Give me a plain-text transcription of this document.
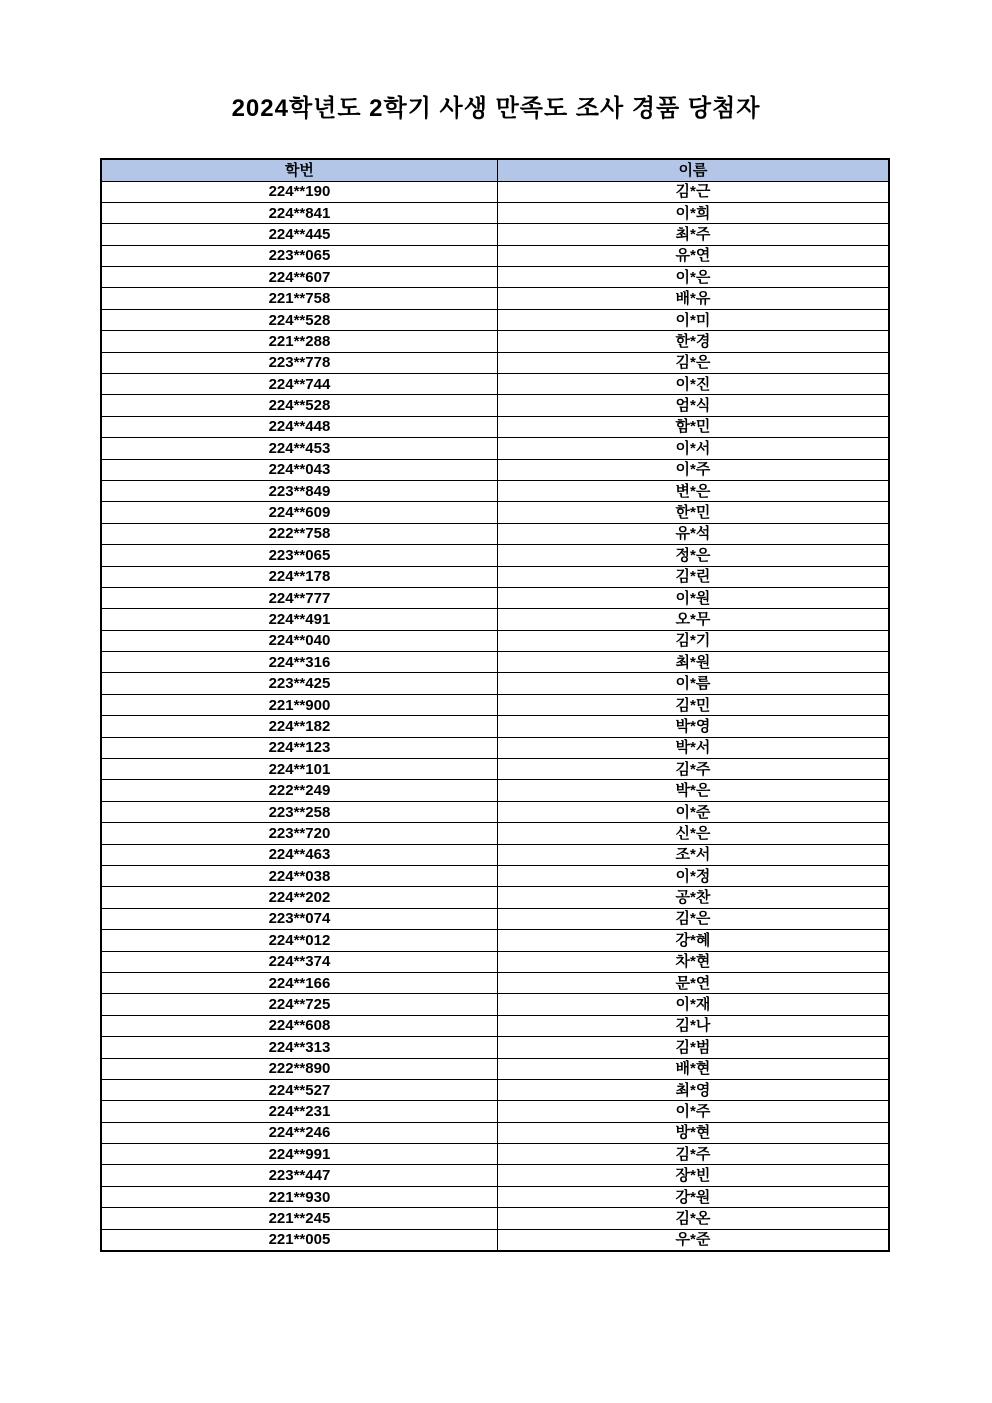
2024학년도 2학기 사생 만족도 조사 경품 당첨자
학번	이름
224**190	김*근
224**841	이*희
224**445	최*주
223**065	유*연
224**607	이*은
221**758	배*유
224**528	이*미
221**288	한*경
223**778	김*은
224**744	이*진
224**528	엄*식
224**448	함*민
224**453	이*서
224**043	이*주
223**849	변*은
224**609	한*민
222**758	유*석
223**065	정*은
224**178	김*린
224**777	이*원
224**491	오*무
224**040	김*기
224**316	최*원
223**425	이*름
221**900	김*민
224**182	박*영
224**123	박*서
224**101	김*주
222**249	박*은
223**258	이*준
223**720	신*은
224**463	조*서
224**038	이*정
224**202	공*찬
223**074	김*은
224**012	강*혜
224**374	차*현
224**166	문*연
224**725	이*재
224**608	김*나
224**313	김*범
222**890	배*현
224**527	최*영
224**231	이*주
224**246	방*현
224**991	김*주
223**447	장*빈
221**930	강*원
221**245	김*온
221**005	우*준
